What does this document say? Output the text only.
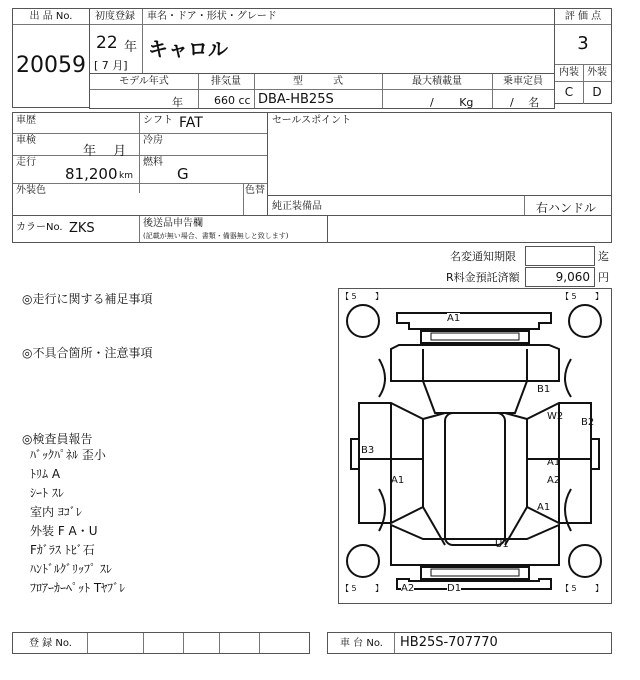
出 品 No.
20059
初度登録
22 年
[ 7 月]
車名・ドア・形状・グレード
キャロル
評 価 点
3
内装 外装
C	D
モデル年式	排気量	型　　　式	最大積載量	乗車定員
年	660 cc DBA-HB25S	/　　 Kg	/　 名
車歴	シフト FAT
車検
年　 月
冷房
走行
81,200 km
燃料
G
外装色	色替
セールスポイント
純正装備品	右ハンドル
カラーNo. ZKS	後送品申告欄
(記載が無い場合、書類・備器無しと致します)
名変通知期限	迄
R料金預託済額	9,060 円
◎走行に関する補足事項
◎不具合箇所・注意事項
◎検査員報告
ﾊﾞｯｸﾊﾟﾈﾙ 歪小
ﾄﾘﾑ A
ｼｰﾄ ｽﾚ
室内 ﾖｺﾞﾚ
外装 F A・U
Fｶﾞﾗｽ ﾄﾋﾞ石
ﾊﾝﾄﾞﾙｸﾞﾘｯﾌﾟ ｽﾚ
ﾌﾛｱｰｶｰﾍﾟｯﾄ Tﾔﾌﾞﾚ
【 5 　　】	【 5 　　】
【 5 　　】	【 5 　　】
A1
B1
W2
B2
A1
A2
A1
B3
A1
U1
A2	D1
登 録 No.	車 台 No. HB25S-707770
